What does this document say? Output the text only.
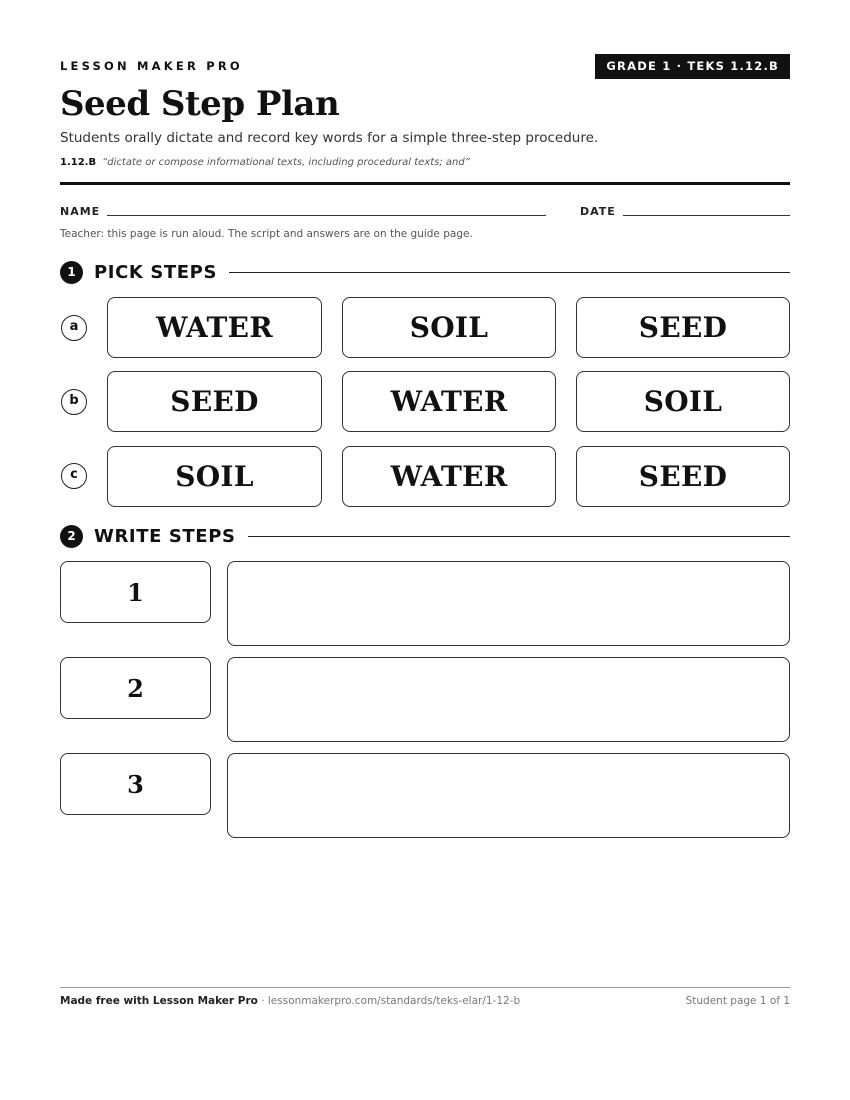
LESSON MAKER PRO	GRADE 1 · TEKS 1.12.B
Seed Step Plan
Students orally dictate and record key words for a simple three-step procedure.
1.12.B “dictate or compose informational texts, including procedural texts; and”
NAME	DATE
Teacher: this page is run aloud. The script and answers are on the guide page.
1	PICK STEPS
a	WATER	SOIL	SEED
b	SEED	WATER	SOIL
c	SOIL	WATER	SEED
2	WRITE STEPS
1
2
3
Made free with Lesson Maker Pro · lessonmakerpro.com/standards/teks-elar/1-12-b	Student page 1 of 1
